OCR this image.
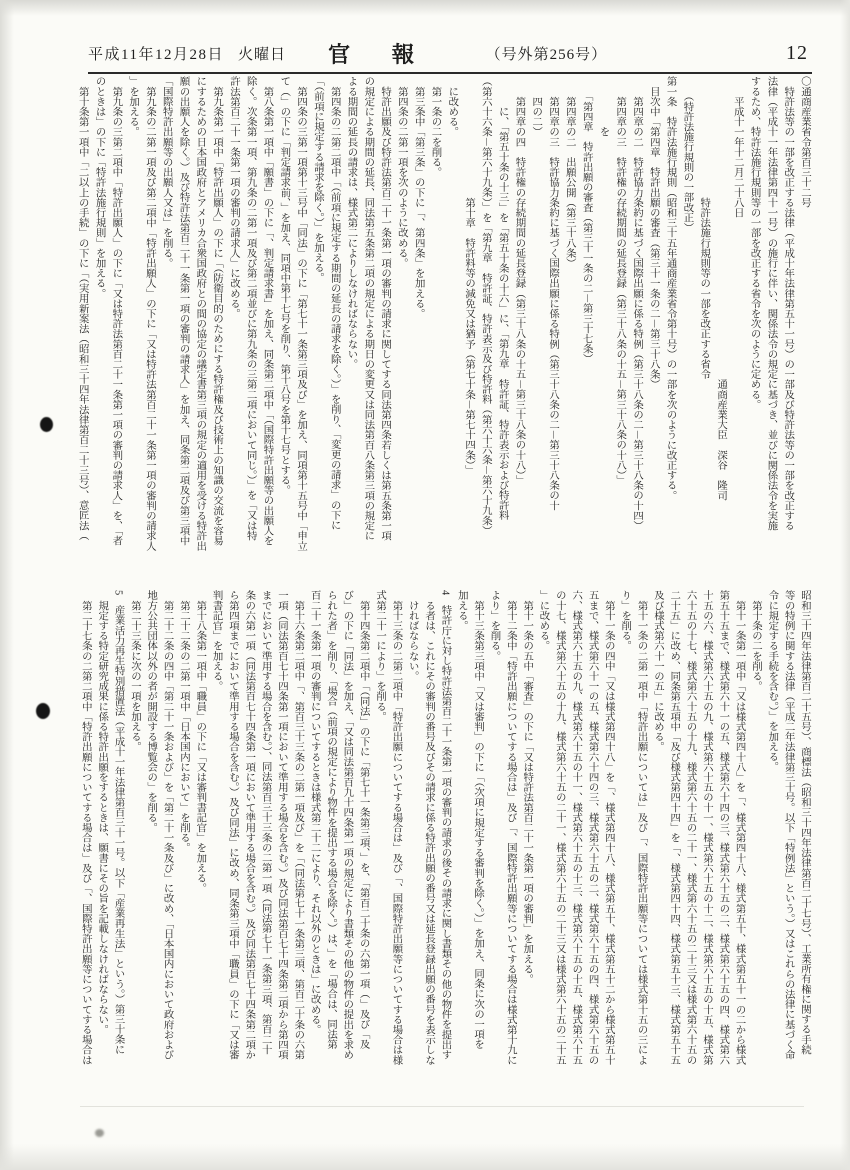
平成11年12月28日 火曜日 官報 （号外第256号）	12
〇通商産業省令第百三十二号
　特許法等の一部を改正する法律（平成十年法律第五十一号）の一部及び特許法等の一部を改正する
法律（平成十一年法律第四十一号）の施行に伴い、関係法令の規定に基づき、並びに関係法令を実施
するため、特許法施行規則等の一部を改正する省令を次のように定める。
　　平成十一年十二月二十八日
　　　　　　　　　　　　　　　　　　　　　　　　　　　　　　通商産業大臣　深谷　隆司
　　　　　　　　　　　　特許法施行規則等の一部を改正する省令
　　（特許法施行規則の一部改正）
第一条　特許法施行規則（昭和三十五年通商産業省令第十号）の一部を次のように改正する。
　目次中「第四章　特許出願の審査（第三十一条の二－第三十八条）
　　第四章の二　特許協力条約に基づく国際出願に係る特例（第三十八条の二－第三十八条の十四）
　　第四章の三　特許権の存続期間の延長登録（第三十八条の十五－第三十八条の十八）」
　　　　　を
　　「第四章　特許出願の審査（第三十一条の二－第三十七条）
　　第四章の二　出願公開（第三十八条）
　　第四章の三　特許協力条約に基づく国際出願に係る特例（第三十八条の二－第三十八条の十
　　四の二）
　　第四章の四　特許権の存続期間の延長登録（第三十八条の十五－第三十八条の十八）」
　　　に、「第五十条の十三」を「第五十条の十六」に、「第九章　特許証、特許表示および特許料
（第六十六条－第六十九条）」を「第九章　特許証、特許表示及び特許料（第六十六条－第六十九条）
　　　　　　　　　　　　第十章　特許料等の減免又は猶予（第七十条－第七十四条）」
　に改める。
　第一条の二を削る。
　第三条中「第三条」の下に「、第四条」を加える。
　第四条の二第一項を次のように改める。
　特許出願及び特許法第百二十一条第一項の審判の請求に関してする同法第四条若しくは第五条第一項
の規定による期間の延長、同法第五条第二項の規定による期日の変更又は同法第百八条第三項の規定に
よる期間の延長の請求は、様式第二によりしなければならない。
　第四条の二第二項中「（前項に規定する期間の延長の請求を除く。）」を削り、「変更の請求」の下に
「（前項に規定する請求を除く。）」を加える。
　第四条の三第一項第十三号中「同法」の下に「第七十一条第三項及び」を加え、同項第十五号中「申立
て（」の下に「判定請求前、」を加え、同項中第十七号を削り、第十八号を第十七号とする。
　第八条第一項中「願書」の下に「、判定請求書」を加え、同条第二項中「（国際特許出願等の出願人を
除く。次条第一項、第九条の二第一項及び第二項並びに第九条の三第二項において同じ。）」を「又は特
許法第百二十一条第一項の審判の請求人」に改める。
　第九条第一項中「特許出願人」の下に「（防衛目的のためにする特許権及び技術上の知識の交流を容易
にするための日本国政府とアメリカ合衆国政府との間の協定の議定書第三項の規定の適用を受ける特許出
願の出願人を除く。）及び特許法第百二十一条第一項の審判の請求人」を加え、同条第二項及び第三項中
「国際特許出願等の出願人又は」を削る。
　第九条の二第一項及び第二項中「特許出願人」の下に「又は特許法第百二十一条第一項の審判の請求人
」を加える。
　第九条の三第二項中「特許出願人」の下に「又は特許法第百二十一条第一項の審判の請求人」を、「者
のときは」の下に「特許法施行規則」を加える。
　第十条第一項中「二以上の手続」の下に「（実用新案法（昭和三十四年法律第百二十三号）、意匠法（
昭和三十四年法律第百二十五号）、商標法（昭和三十四年法律第百二十七号）、工業所有権に関する手続
等の特例に関する法律（平成二年法律第三十号。以下「特例法」という。）又はこれらの法律に基づく命
令に規定する手続を含む。）」を加える。
　第十条の二を削る。
　第十一条第一項中「又は様式第四十八」を「、様式第四十八、様式第五十、様式第五十一の二から様式
第五十五まで、様式第六十一の五、様式第六十四の三、様式第六十五の二、様式第六十五の四、様式第六
十五の六、様式第六十五の九、様式第六十五の十一、様式第六十五の十二、様式第六十五の十五、様式第
六十五の十七、様式第六十五の十九、様式第六十五の二十一、様式第六十五の二十三又は様式第六十五の
二十五」に改め、同条第五項中「及び様式第四十四」を「、様式第四十四、様式第五十三、様式第五十五
及び様式第六十一の五」に改める。
　第十一条の二第一項中「特許出願については」及び「、国際特許出願等については様式第十五の三によ
り」を削る。
　第十一条の四中「又は様式第四十八」を「、様式第四十八、様式第五十、様式第五十二から様式第五十
五まで、様式第六十一の五、様式第六十四の三、様式第六十五の二、様式第六十五の四、様式第六十五の
六、様式第六十五の九、様式第六十五の十一、様式第六十五の十三、様式第六十五の十五、様式第六十五
の十七、様式第六十五の十九、様式第六十五の二十一、様式第六十五の二十三又は様式第六十五の二十五
」に改める。
　第十一条の五中「審査」の下に「又は特許法第百二十一条第一項の審判」を加える。
　第十二条中「特許出願についてする場合は」及び「、国際特許出願等についてする場合は様式第十九に
より」を削る。
　第十三条第三項中「又は審判」の下に「（次項に規定する審判を除く。）」を加え、同条に次の一項を
加える。
4　特許庁に対し特許法第百二十一条第一項の審判の請求の後その請求に関し書類その他の物件を提出す
　る者は、これにその審判の番号及びその請求に係る特許出願の番号又は延長登録出願の番号を表示しな
　ければならない。
　第十三条の二第二項中「特許出願についてする場合は」及び「、国際特許出願等についてする場合は様
式第二十一により」を削る。
　第十四条第二項中「（同法」の下に「第七十一条第三項、」を、「第百二十条の六第一項（」及び「及
び」の下に「同法」を加え、「又は同法第百九十四条第一項の規定により書類その他の物件の提出を求め
られた者」を削り、「場合（前項の規定により物件を提出する場合を除く。）は、」を「場合は、同法第
百二十一条第一項の審判についてするときは様式第二十二により、それ以外のときは」に改める。
　第十六条第二項中「、第百三十三条の二第一項及び」を「（同法第七十一条第三項、第百二十条の六第
一項（同法第百七十四条第一項において準用する場合を含む。）及び同法第百七十四条第二項から第四項
までにおいて準用する場合を含む。）、同法第百三十三条の二第一項（同法第七十一条第三項、第百二十
条の六第一項（同法第百七十四条第一項において準用する場合を含む。）及び同法第百七十四条第二項か
ら第四項までにおいて準用する場合を含む。）及び同法」に改め、同条第三項中「職員」の下に「又は審
判書記官」を加える。
　第十八条第一項中「職員」の下に「又は審判書記官」を加える。
　第二十二条の二第一項中「日本国内において」を削る。
　第二十二条の四中「第二十一条および」を「第二十一条及び」に改め、「日本国内において政府および
地方公共団体以外の者が開設する博覧会の」を削る。
　第二十三条に次の一項を加える。
5　産業活力再生特別措置法（平成十一年法律第百三十一号。以下「産業再生法」という。）第三十条に
　規定する特定研究成果に係る特許出願をするときは、願書にその旨を記載しなければならない。
　第二十七条の二第二項中「特許出願についてする場合は」及び「、国際特許出願等についてする場合は
